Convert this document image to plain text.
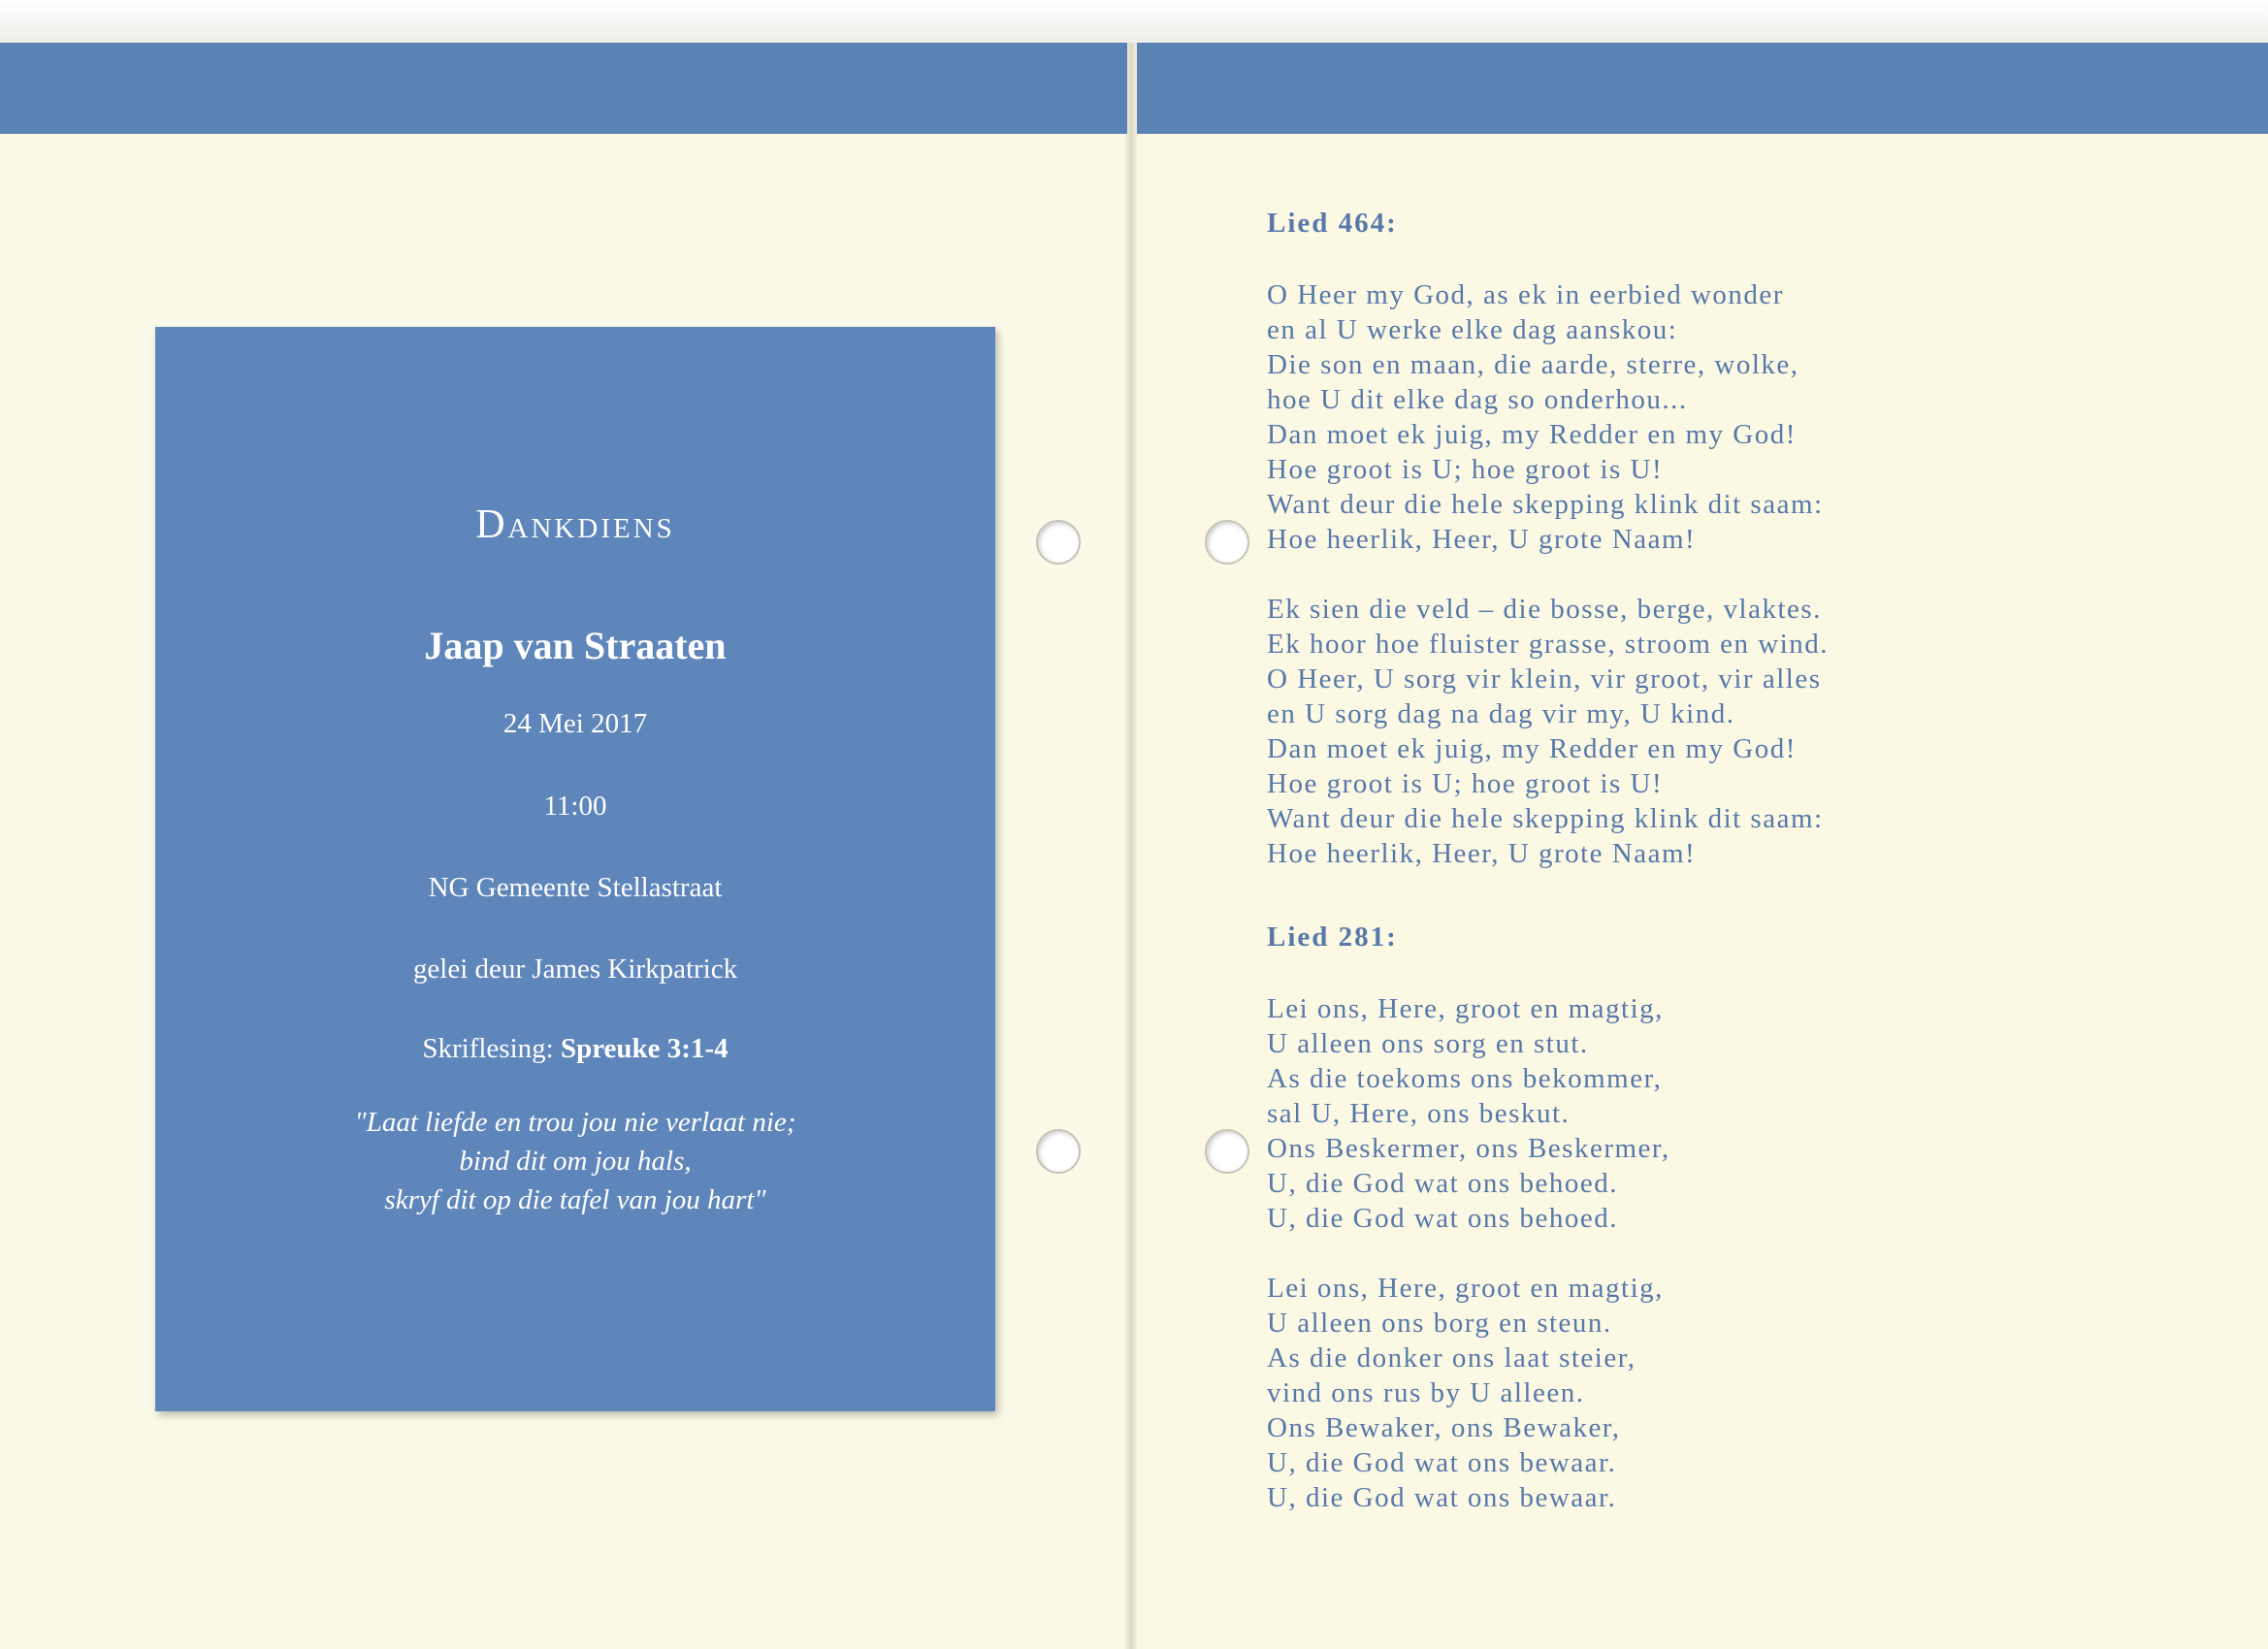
Dankdiens
Jaap van Straaten
24 Mei 2017
11:00
NG Gemeente Stellastraat
gelei deur James Kirkpatrick
Skriflesing: Spreuke 3:1-4
"Laat liefde en trou jou nie verlaat nie;
bind dit om jou hals,
skryf dit op die tafel van jou hart"

Lied 464:

O Heer my God, as ek in eerbied wonder
en al U werke elke dag aanskou:
Die son en maan, die aarde, sterre, wolke,
hoe U dit elke dag so onderhou...
Dan moet ek juig, my Redder en my God!
Hoe groot is U; hoe groot is U!
Want deur die hele skepping klink dit saam:
Hoe heerlik, Heer, U grote Naam!
Ek sien die veld – die bosse, berge, vlaktes.
Ek hoor hoe fluister grasse, stroom en wind.
O Heer, U sorg vir klein, vir groot, vir alles
en U sorg dag na dag vir my, U kind.
Dan moet ek juig, my Redder en my God!
Hoe groot is U; hoe groot is U!
Want deur die hele skepping klink dit saam:
Hoe heerlik, Heer, U grote Naam!

Lied 281:

Lei ons, Here, groot en magtig,
U alleen ons sorg en stut.
As die toekoms ons bekommer,
sal U, Here, ons beskut.
Ons Beskermer, ons Beskermer,
U, die God wat ons behoed.
U, die God wat ons behoed.
Lei ons, Here, groot en magtig,
U alleen ons borg en steun.
As die donker ons laat steier,
vind ons rus by U alleen.
Ons Bewaker, ons Bewaker,
U, die God wat ons bewaar.
U, die God wat ons bewaar.
